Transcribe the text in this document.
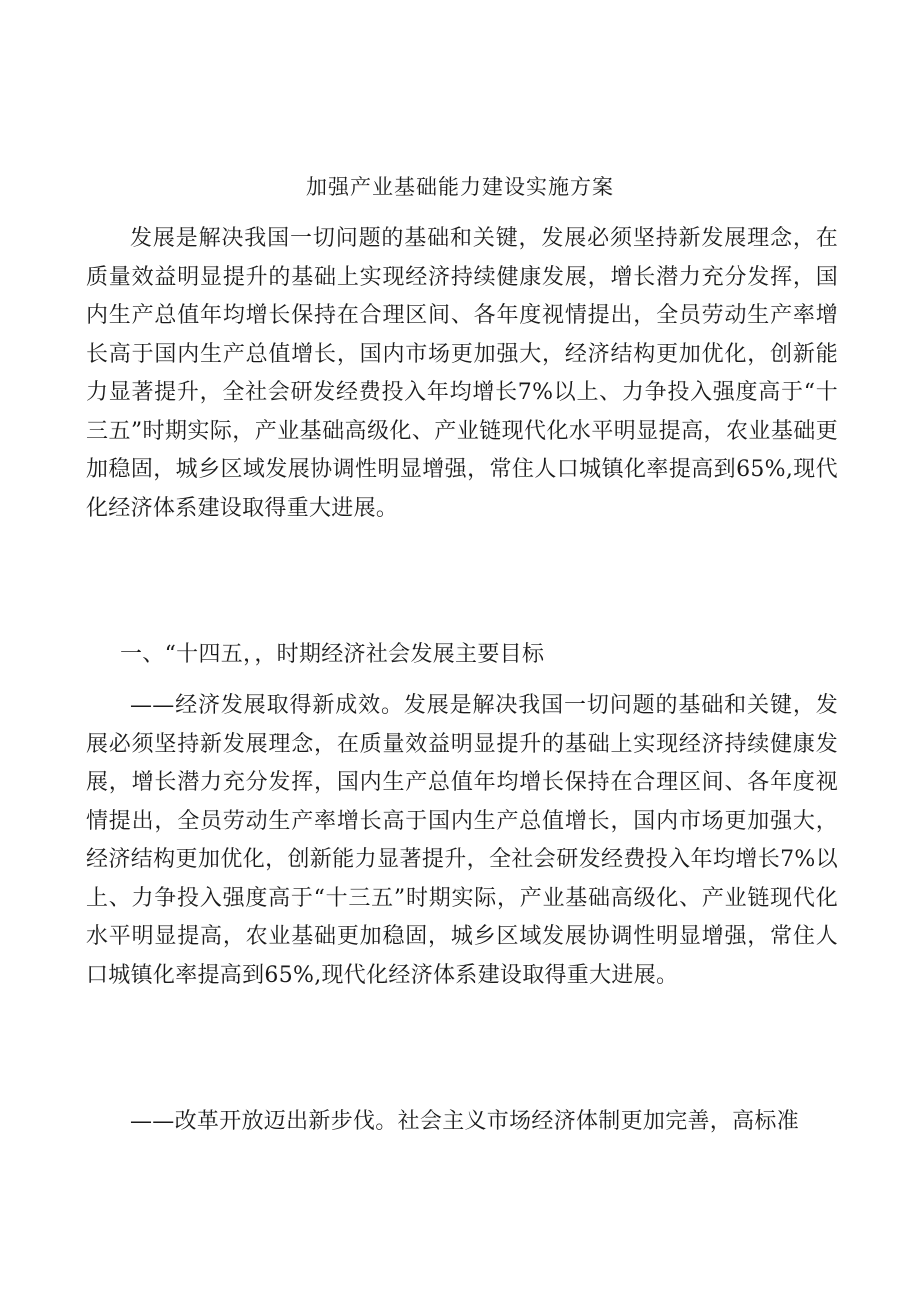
加强产业基础能力建设实施方案

发展是解决我国一切问题的基础和关键，发展必须坚持新发展理念，在质量效益明显提升的基础上实现经济持续健康发展，增长潜力充分发挥，国内生产总值年均增长保持在合理区间、各年度视情提出，全员劳动生产率增长高于国内生产总值增长，国内市场更加强大，经济结构更加优化，创新能力显著提升，全社会研发经费投入年均增长7%以上、力争投入强度高于“十三五”时期实际，产业基础高级化、产业链现代化水平明显提高，农业基础更加稳固，城乡区域发展协调性明显增强，常住人口城镇化率提高到65%,现代化经济体系建设取得重大进展。

一、“十四五，，时期经济社会发展主要目标

——经济发展取得新成效。发展是解决我国一切问题的基础和关键，发展必须坚持新发展理念，在质量效益明显提升的基础上实现经济持续健康发展，增长潜力充分发挥，国内生产总值年均增长保持在合理区间、各年度视情提出，全员劳动生产率增长高于国内生产总值增长，国内市场更加强大，经济结构更加优化，创新能力显著提升，全社会研发经费投入年均增长7%以上、力争投入强度高于“十三五”时期实际，产业基础高级化、产业链现代化水平明显提高，农业基础更加稳固，城乡区域发展协调性明显增强，常住人口城镇化率提高到65%,现代化经济体系建设取得重大进展。

——改革开放迈出新步伐。社会主义市场经济体制更加完善，高标准
